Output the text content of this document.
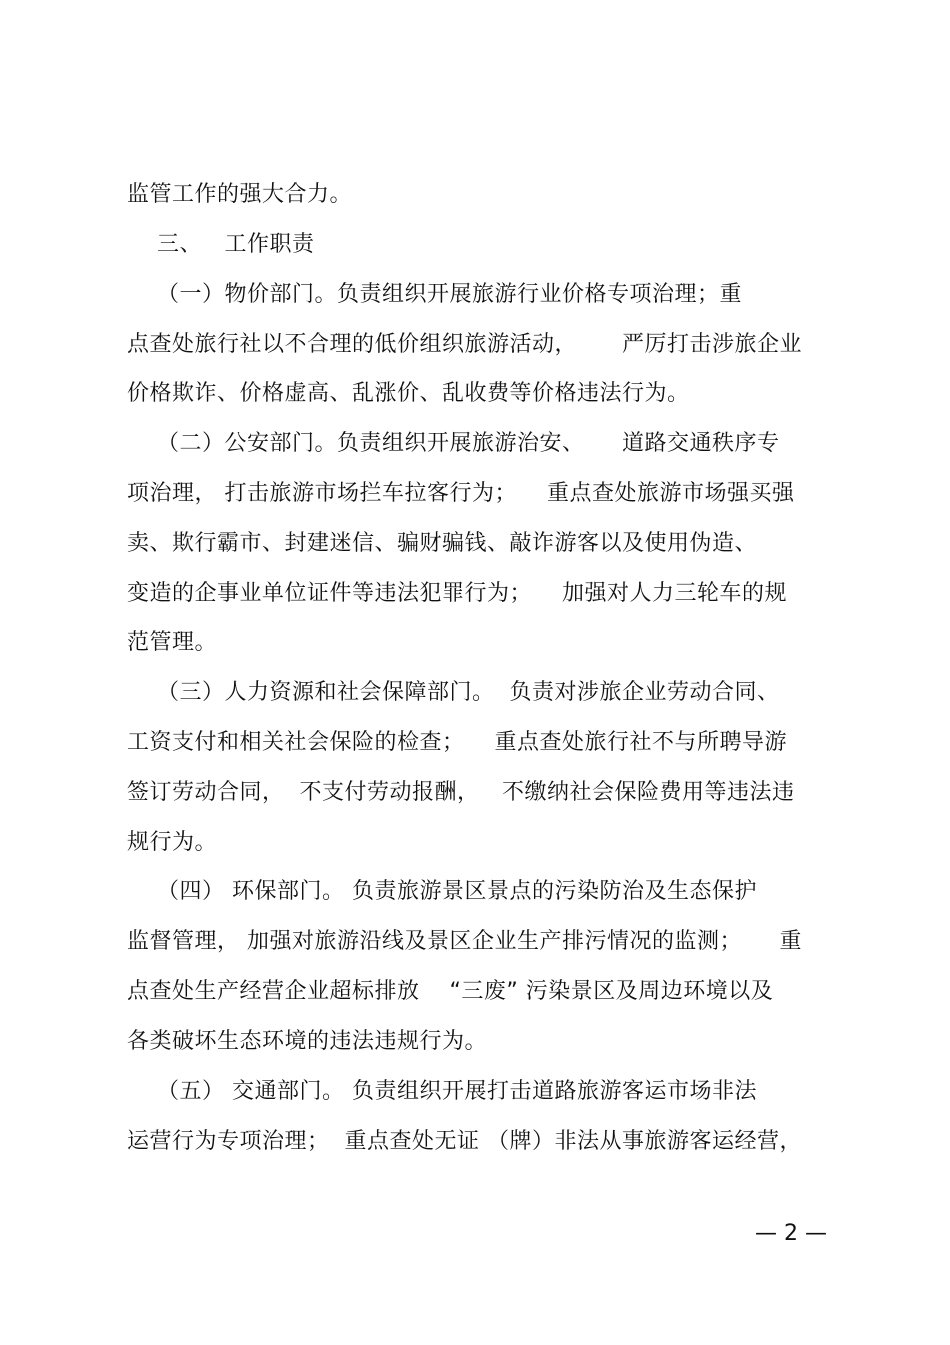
监管工作的强大合力。
三、   工作职责
（一）物价部门。负责组织开展旅游行业价格专项治理；重
点查处旅行社以不合理的低价组织旅游活动，      严厉打击涉旅企业
价格欺诈、价格虚高、乱涨价、乱收费等价格违法行为。
（二）公安部门。负责组织开展旅游治安、     道路交通秩序专
项治理， 打击旅游市场拦车拉客行为；    重点查处旅游市场强买强
卖、欺行霸市、封建迷信、骗财骗钱、敲诈游客以及使用伪造、
变造的企事业单位证件等违法犯罪行为；    加强对人力三轮车的规
范管理。
（三）人力资源和社会保障部门。  负责对涉旅企业劳动合同、
工资支付和相关社会保险的检查；    重点查处旅行社不与所聘导游
签订劳动合同，  不支付劳动报酬，   不缴纳社会保险费用等违法违
规行为。
（四） 环保部门。 负责旅游景区景点的污染防治及生态保护
监督管理， 加强对旅游沿线及景区企业生产排污情况的监测；     重
点查处生产经营企业超标排放    “三废” 污染景区及周边环境以及
各类破坏生态环境的违法违规行为。
（五） 交通部门。 负责组织开展打击道路旅游客运市场非法
运营行为专项治理；  重点查处无证 （牌）非法从事旅游客运经营，
— 2 —
